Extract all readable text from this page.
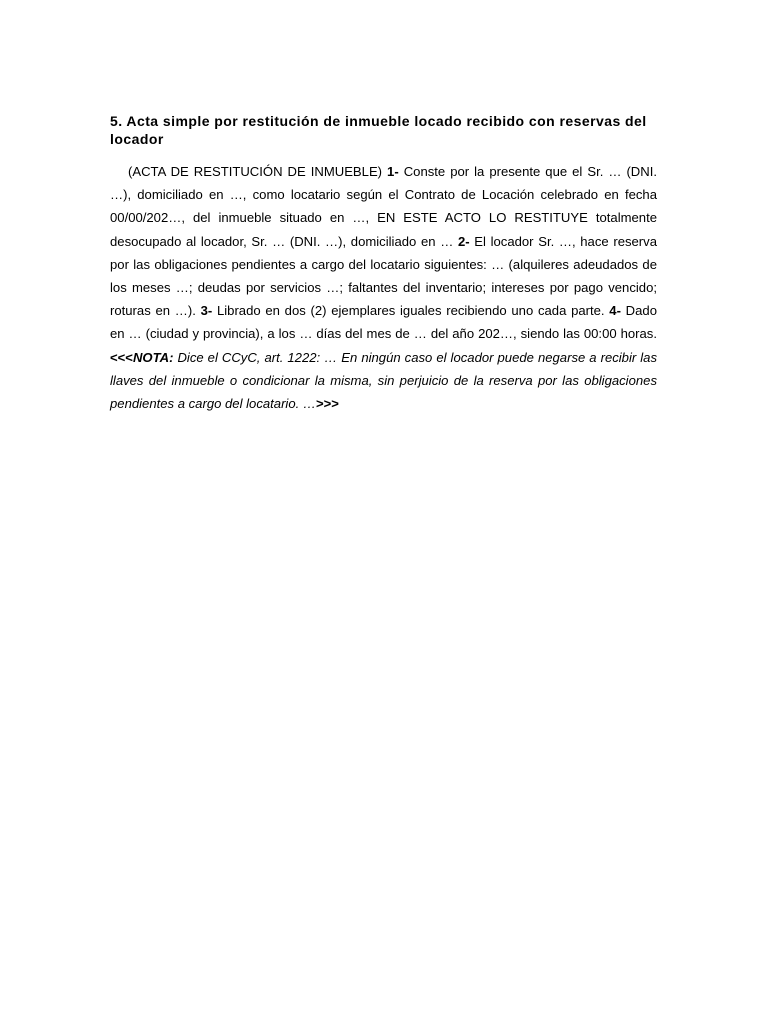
5. Acta simple por restitución de inmueble locado recibido con reservas del locador

(ACTA DE RESTITUCIÓN DE INMUEBLE) 1- Conste por la presente que el Sr. … (DNI. …), domiciliado en …, como locatario según el Contrato de Locación celebrado en fecha 00/00/202…, del inmueble situado en …, EN ESTE ACTO LO RESTITUYE totalmente desocupado al locador, Sr. … (DNI. …), domiciliado en … 2- El locador Sr. …, hace reserva por las obligaciones pendientes a cargo del locatario siguientes: … (alquileres adeudados de los meses …; deudas por servicios …; faltantes del inventario; intereses por pago vencido; roturas en …). 3- Librado en dos (2) ejemplares iguales recibiendo uno cada parte. 4- Dado en … (ciudad y provincia), a los … días del mes de … del año 202…, siendo las 00:00 horas. <<<NOTA: Dice el CCyC, art. 1222: … En ningún caso el locador puede negarse a recibir las llaves del inmueble o condicionar la misma, sin perjuicio de la reserva por las obligaciones pendientes a cargo del locatario. …>>>
